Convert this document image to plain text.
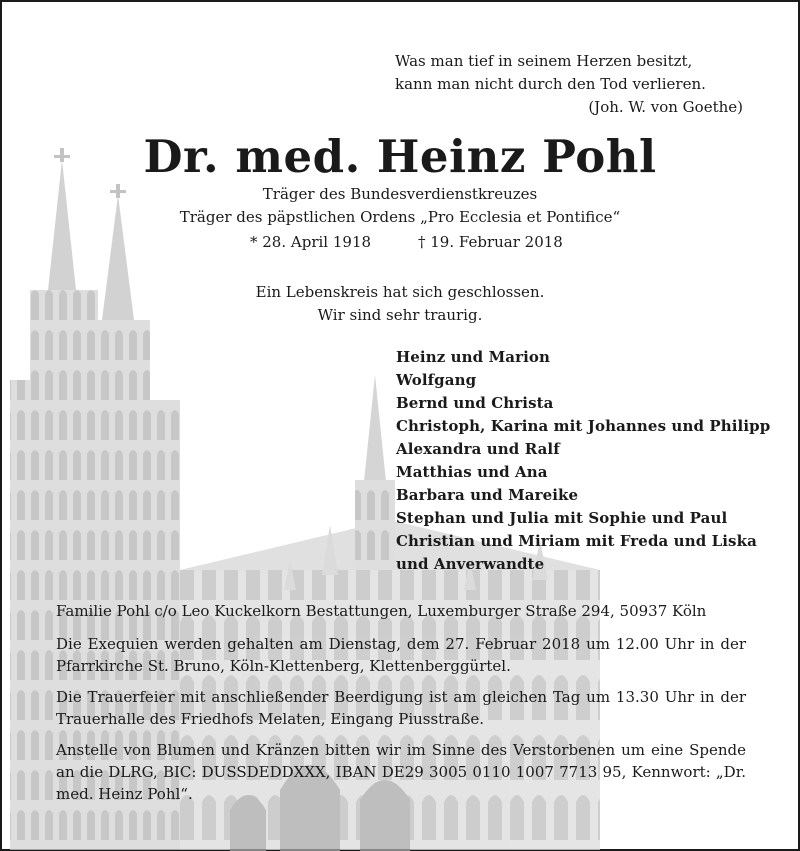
Was man tief in seinem Herzen besitzt,
kann man nicht durch den Tod verlieren.
(Joh. W. von Goethe)
Dr. med. Heinz Pohl
Träger des Bundesverdienstkreuzes
Träger des päpstlichen Ordens „Pro Ecclesia et Pontifice“
* 28. April 1918	† 19. Februar 2018
Ein Lebenskreis hat sich geschlossen.
Wir sind sehr traurig.
Heinz und Marion
Wolfgang
Bernd und Christa
Christoph, Karina mit Johannes und Philipp
Alexandra und Ralf
Matthias und Ana
Barbara und Mareike
Stephan und Julia mit Sophie und Paul
Christian und Miriam mit Freda und Liska
und Anverwandte
Familie Pohl c/o Leo Kuckelkorn Bestattungen, Luxemburger Straße 294, 50937 Köln
Die Exequien werden gehalten am Dienstag, dem 27. Februar 2018 um 12.00 Uhr in der Pfarrkirche St. Bruno, Köln-Klettenberg, Klettenberggürtel.
Die Trauerfeier mit anschließender Beerdigung ist am gleichen Tag um 13.30 Uhr in der Trauerhalle des Friedhofs Melaten, Eingang Piusstraße.
Anstelle von Blumen und Kränzen bitten wir im Sinne des Verstorbenen um eine Spende an die DLRG, BIC: DUSSDEDDXXX, IBAN DE29 3005 0110 1007 7713 95, Kennwort: „Dr. med. Heinz Pohl“.
